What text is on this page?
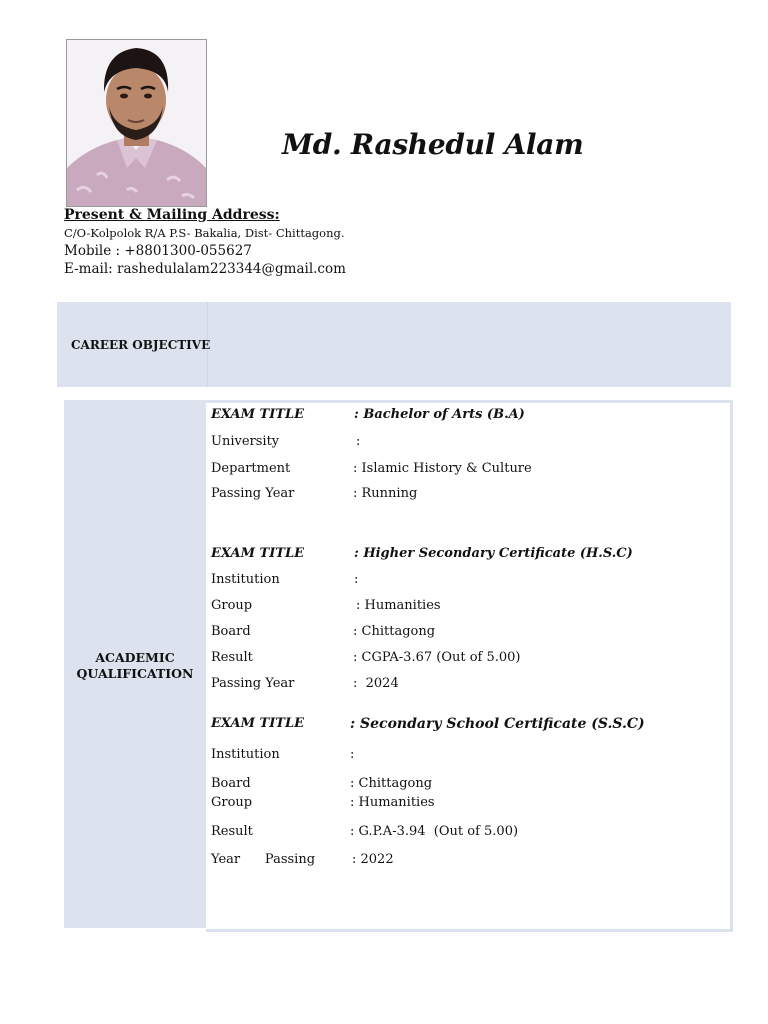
Md. Rashedul Alam
Present & Mailing Address:
C/O-Kolpolok R/A P.S- Bakalia, Dist- Chittagong.
Mobile : +8801300-055627
E-mail: rashedulalam223344@gmail.com
CAREER OBJECTIVE
ACADEMIC
QUALIFICATION
EXAM TITLE	: Bachelor of Arts (B.A)
University	:
Department	: Islamic History & Culture
Passing Year	: Running
EXAM TITLE	: Higher Secondary Certificate (H.S.C)
Institution	:
Group	: Humanities
Board	: Chittagong
Result	: CGPA-3.67 (Out of 5.00)
Passing Year	:  2024
EXAM TITLE	: Secondary School Certificate (S.S.C)
Institution	:
Board	: Chittagong
Group	: Humanities
Result	: G.P.A-3.94  (Out of 5.00)
Year      Passing	: 2022
